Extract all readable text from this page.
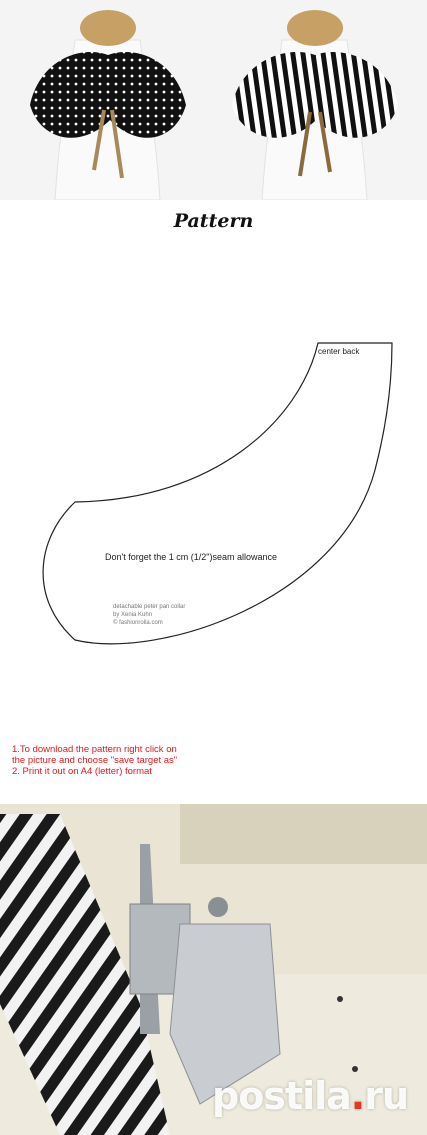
Pattern
center back
Don't forget the 1 cm (1/2")seam allowance
detachable peter pan collar
by Xenia Kuhn
© fashionrolla.com
1.To download the pattern right click on
the picture and choose "save target as"
2. Print it out on A4 (letter) format
postila.ru
